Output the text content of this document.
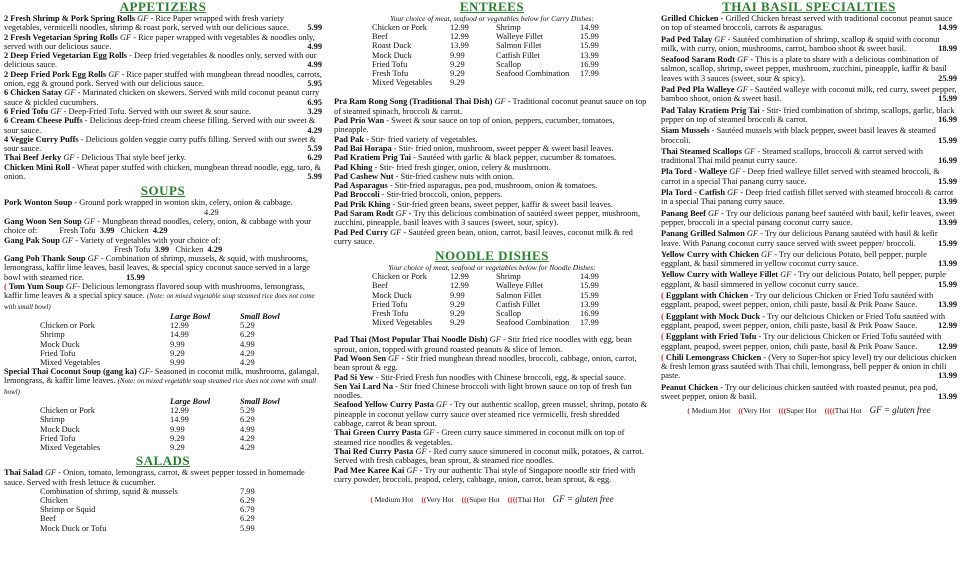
APPETIZERS

2 Fresh Shrimp & Pork Spring Rolls GF - Rice Paper wrapped with fresh variety vegetables, vermicelli noodles, shrimp & roast pork, served with our delicious sauce. 5.99

2 Fresh Vegetarian Spring Rolls GF - Rice paper wrapped with vegetables & noodles only, served with our delicious sauce.	4.99

2 Deep Fried Vegetarian Egg Rolls - Deep fried vegetables & noodles only, served with our delicious sauce.	4.99

2 Deep Fried Pork Egg Rolls GF - Rice paper stuffed with mungbean thread noodles, carrots, onion, egg & ground pork. Served with our delicious sauce.	5.95

6 Chicken Satay GF - Marinated chicken on skewers. Served with mild coconut peanut curry sauce & pickled cucumbers.	6.95

6 Fried Tofu GF - Deep-Fried Tofu. Served with our sweet & sour sauce.	3.29

6 Cream Cheese Puffs - Delicious deep-fried cream cheese filling. Served with our sweet & sour sauce.	4.29

4 Veggie Curry Puffs - Delicious golden veggie curry puffs filling. Served with our sweet & sour sauce.	5.59

Thai Beef Jerky GF - Delicious Thai style beef jerky.	6.29

Chicken Mini Roll - Wheat paper stuffed with chicken, mungbean thread noodle, egg, taro, & onion.	5.99

SOUPS

Pork Wonton Soup - Ground pork wrapped in wonton skin, celery, onion & cabbage.
4.29

Gang Woon Sen Soup GF - Mungbean thread noodles, celery, onion, & cabbage with your choice of:	Fresh Tofu 3.99 Chicken 4.29

Gang Pak Soup GF - Variety of vegetables with your choice of:
Fresh Tofu 3.99 Chicken 4.29

Gang Poh Thank Soup GF - Combination of shrimp, mussels, & squid, with mushrooms, lemongrass, kaffir lime leaves, basil leaves, & special spicy coconut sauce served in a large bowl with steamed rice.	15.99

( Tom Yum Soup GF- Delicious lemongrass flavored soup with mushrooms, lemongrass, kaffir lime leaves & a special spicy sauce. (Note: on mixed vegetable soup steamed rice does not come with small bowl)

	Large Bowl	Small Bowl
Chicken or Pork	12.99	5.29
Shrimp	14.99	6.29
Mock Duck	9.99	4.99
Fried Tofu	9.29	4.29
Mixed Vegetables	9.99	4.29

Special Thai Coconut Soup (gang ka) GF- Seasoned in coconut milk, mushrooms, galangal, lemongrass, & kaffir lime leaves. (Note: on mixed vegetable soup steamed rice does not come with small bowl)

	Large Bowl	Small Bowl
Chicken or Pork	12.99	5.29
Shrimp	14.99	6.29
Mock Duck	9.99	4.99
Fried Tofu	9.29	4.29
Mixed Vegetables	9.29	4.29
SALADS

Thai Salad GF - Onion, tomato, lemongrass, carrot, & sweet pepper tossed in homemade sauce. Served with fresh lettuce & cucumber.

Combination of shrimp, squid & mussels	7.99
Chicken	6.29
Shrimp or Squid	6.79
Beef	6.29
Mock Duck or Tofu	5.99
ENTREES
Your choice of meat, seafood or vegetables below for Curry Dishes:
Chicken or Pork	12.99	Shrimp	14.99
Beef	12.99	Walleye Fillet	15.99
Roast Duck	13.99	Salmon Fillet	15.99
Mock Duck	9.99	Catfish Fillet	13.99
Fried Tofu	9.29	Scallop	16.99
Fresh Tofu	9.29	Seafood Combination	17.99
Mixed Vegetables	9.29		

Pra Ram Rong Song (Traditional Thai Dish) GF - Traditional coconut peanut sauce on top of steamed spinach, broccoli & carrot.

Pad Prio Wan - Sweet & sour sauce on top of onion, peppers, cucumber, tomatoes, pineapple.

Pad Pak - Stir- fried variety of vegetables.

Pad Bai Horapa - Stir- fried onion, mushroom, sweet pepper & sweet basil leaves.

Pad Kratiem Prig Tai - Sautéed with garlic & black pepper, cucumber & tomatoes.

Pad Khing - Stir- fried fresh ginger, onion, celery & mushroom.

Pad Cashew Nut - Stir-fried cashew nuts with onion.

Pad Asparagus - Stir-fried asparagus, pea pod, mushroom, onion & tomatoes.

Pad Broccoli - Stir-fried broccoli, onion, peppers.

Pad Prik Khing - Stir-fried green beans, sweet pepper, kaffir & sweet basil leaves.

Pad Saram Rodt GF - Try this delicious combination of sautéed sweet pepper, mushroom, zucchini, pineapple, basil leaves with 3 sauces (sweet, sour, spicy).

Pad Ped Curry GF - Sautéed green bean, onion, carrot, basil leaves, coconut milk & red curry sauce.

NOODLE DISHES
Your choice of meat, seafood or vegetables below for Noodle Dishes:
Chicken or Pork	12.99	Shrimp	14.99
Beef	12.99	Walleye Fillet	15.99
Mock Duck	9.99	Salmon Fillet	15.99
Fried Tofu	9.29	Catfish Fillet	13.99
Fresh Tofu	9.29	Scallop	16.99
Mixed Vegetables	9.29	Seafood Combination	17.99

Pad Thai (Most Popular Thai Noodle Dish) GF - Stir fried rice noodles with egg, bean sprout, onion, topped with ground roasted peanuts & slice of lemon.

Pad Woon Sen GF - Stir fried mungbean thread noodles, broccoli, cabbage, onion, carrot, bean sprout & egg.

Pad Si Yew - Stir-Fried Fresh fun noodles with Chinese broccoli, egg, & special sauce.

Sen Yai Lard Na - Stir fried Chinese broccoli with light brown sauce on top of fresh fun noodles.

Seafood Yellow Curry Pasta GF - Try our authentic scallop, green mussel, shrimp, potato & pineapple in coconut yellow curry sauce over steamed rice vermicelli, fresh shredded cabbage, carrot & bean sprout.

Thai Green Curry Pasta GF - Green curry sauce simmered in coconut milk on top of steamed rice noodles & vegetables.

Thai Red Curry Pasta GF - Red curry sauce simmered in coconut milk, potatoes, & carrot. Served with fresh cabbages, bean sprout, & steamed rice noodles.

Pad Mee Karee Kai GF - Try our authentic Thai style of Singapore noodle stir fried with curry powder, broccoli, peapod, celery, cabbage, onion, carrot, bean sprout, & egg.

( Medium Hot ((Very Hot (((Super Hot ((((Thai Hot GF = gluten free
THAI BASIL SPECIALTIES

Grilled Chicken - Grilled Chicken breast served with traditional coconut peanut sauce on top of steamed broccoli, carrots & asparagus.	14.99

Pad Ped Talay GF - Sautéed combination of shrimp, scallop & squid with coconut milk, with curry, onion, mushrooms, carrot, bamboo shoot & sweet basil.	18.99

Seafood Saram Rodt GF - This is a plate to share with a delicious combination of salmon, scallop, shrimp, sweet pepper, mushroom, zucchini, pineapple, kaffir & basil leaves with 3 sauces (sweet, sour & spicy).	25.99

Pad Ped Pla Walleye GF - Sautéed walleye with coconut milk, red curry, sweet pepper, bamboo shoot, onion & sweet basil.	15.99

Pad Talay Kratiem Prig Tai - Stir- fried combination of shrimp, scallops, garlic, black pepper on top of steamed broccoli & carrot.	16.99

Siam Mussels - Sautéed mussels with black pepper, sweet basil leaves & steamed broccoli.	15.99

Thai Steamed Scallops GF - Steamed scallops, broccoli & carrot served with traditional Thai mild peanut curry sauce.	16.99

Pla Tord - Walleye GF - Deep fried walleye fillet served with steamed broccoli, & carrot in a special Thai panang curry sauce.	15.99

Pla Tord - Catfish GF - Deep fried catfish fillet served with steamed broccoli & carrot in a special Thai panang curry sauce.	13.99

Panang Beef GF - Try our delicious panang beef sautéed with basil, kefir leaves, sweet pepper, broccoli in a special panang coconut curry sauce.	13.99

Panang Grilled Salmon GF - Try our delicious Panang sautéed with basil & kefir leave. With Panang coconut curry sauce served with sweet pepper/ broccoli.	15.99

Yellow Curry with Chicken GF - Try our delicious Potato, bell pepper, purple eggplant, & basil simmered in yellow coconut curry sauce.	13.99

Yellow Curry with Walleye Fillet GF - Try our delicious Potato, bell pepper, purple eggplant, & basil simmered in yellow coconut curry sauce.	15.99

( Eggplant with Chicken - Try our delicious Chicken or Fried Tofu sautéed with eggplant, peapod, sweet pepper, onion, chili paste, basil & Prik Poaw Sauce. 13.99

( Eggplant with Mock Duck - Try our delicious Chicken or Fried Tofu sautéed with eggplant, peapod, sweet pepper, onion, chili paste, basil & Prik Poaw Sauce. 12.99

( Eggplant with Fried Tofu - Try our delicious Chicken or Fried Tofu sautéed with eggplant, peapod, sweet pepper, onion, chili paste, basil & Prik Poaw Sauce. 12.99

( Chili Lemongrass Chicken - (Very to Super-hot spicy level) try our delicious chicken & fresh lemon grass sautéed with Thai chili, lemongrass, bell pepper & onion in chili paste.	13.99

Peanut Chicken - Try our delicious chicken sautéed with roasted peanut, pea pod, sweet pepper, onion & basil.	13.99

( Medium Hot ((Very Hot (((Super Hot ((((Thai Hot GF = gluten free
